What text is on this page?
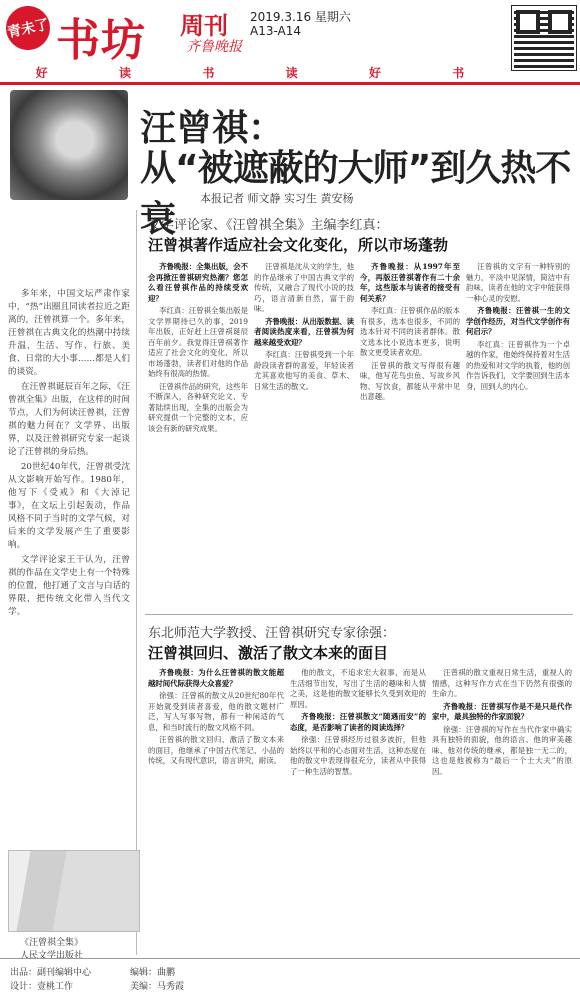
青未了 书坊 周刊
齐鲁晚报
2019.3.16 星期六
A13-A14
好	读	书	读	好	书
汪曾祺：
从“被遮蔽的大师”到久热不衰
本报记者 师文静 实习生 黄安杨
文学评论家、《汪曾祺全集》主编李红真：
汪曾祺著作适应社会文化变化，所以市场蓬勃

多年来，中国文坛严肃作家中，“热”出圈且同读者拉近之距离的，汪曾祺算一个。多年来，汪曾祺在古典文化的热潮中持续升温，生活、写作、行旅、美食、日常的大小事……都是人们的谈资。

在汪曾祺诞辰百年之际，《汪曾祺全集》出版，在这样的时间节点，人们为何读汪曾祺，汪曾祺的魅力何在？文学界、出版界，以及汪曾祺研究专家一起谈论了汪曾祺的身后热。

20世纪40年代，汪曾祺受沈从文影响开始写作。1980年，他写下《受戒》和《大淖记事》，在文坛上引起轰动，作品风格不同于当时的文学气候，对后来的文学发展产生了重要影响。

文学评论家王干认为，汪曾祺的作品在文学史上有一个特殊的位置，他打通了文言与白话的界限，把传统文化带入当代文学。

齐鲁晚报：全集出版，会不会再掀汪曾祺研究热潮？您怎么看汪曾祺作品的持续受欢迎？

李红真：汪曾祺全集出版是文学界期待已久的事，2019年出版，正好赶上汪曾祺诞辰百年前夕。我觉得汪曾祺著作适应了社会文化的变化，所以市场蓬勃，读者们对他的作品始终有很高的热情。

汪曾祺作品的研究，这些年不断深入，各种研究论文、专著陆续出现，全集的出版会为研究提供一个完整的文本，应该会有新的研究成果。

汪曾祺是沈从文的学生，他的作品继承了中国古典文学的传统，又融合了现代小说的技巧，语言清新自然，富于韵味。

齐鲁晚报：从出版数据、读者阅读热度来看，汪曾祺为何越来越受欢迎？

李红真：汪曾祺受到一个年龄段读者群的喜爱，年轻读者尤其喜欢他写的美食、草木、日常生活的散文。

齐鲁晚报：从1997年至今，再版汪曾祺著作有二十余年，这些版本与读者的接受有何关系？

李红真：汪曾祺作品的版本有很多，选本也很多，不同的选本针对不同的读者群体。散文选本比小说选本更多，说明散文更受读者欢迎。

汪曾祺的散文写得很有趣味，他写花鸟虫鱼、写故乡风物、写饮食，都能从平常中见出意趣。

汪曾祺的文字有一种特别的魅力，平淡中见深情，简洁中有韵味，读者在他的文字中能获得一种心灵的安慰。

齐鲁晚报：汪曾祺一生的文学创作经历，对当代文学创作有何启示？

李红真：汪曾祺作为一个卓越的作家，他始终保持着对生活的热爱和对文学的执着，他的创作告诉我们，文学要回到生活本身，回到人的内心。

东北师范大学教授、汪曾祺研究专家徐强：
汪曾祺回归、激活了散文本来的面目

齐鲁晚报：为什么汪曾祺的散文能超越时间代际获得大众喜爱？

徐强：汪曾祺的散文从20世纪80年代开始就受到读者喜爱，他的散文题材广泛，写人写事写物，都有一种闲适的气息，和当时流行的散文风格不同。

汪曾祺的散文回归、激活了散文本来的面目，他继承了中国古代笔记、小品的传统，又有现代意识，语言讲究，耐读。

他的散文，不追求宏大叙事，而是从生活细节出发，写出了生活的趣味和人情之美，这是他的散文能够长久受到欢迎的原因。

齐鲁晚报：汪曾祺散文“随遇而安”的态度，是否影响了读者的阅读选择？

徐强：汪曾祺经历过很多波折，但他始终以平和的心态面对生活，这种态度在他的散文中表现得很充分，读者从中获得了一种生活的智慧。

汪曾祺的散文重视日常生活，重视人的情感，这种写作方式在当下仍然有很强的生命力。

齐鲁晚报：汪曾祺写作是不是只是代作家中，最具独特的作家面貌？

徐强：汪曾祺的写作在当代作家中确实具有独特的面貌，他的语言、他的审美趣味、他对传统的继承，都是独一无二的，这也是他被称为“最后一个士大夫”的原因。

《汪曾祺全集》
人民文学出版社
出品：副刊编辑中心
设计：壹桃工作
编辑：曲鹏
美编：马秀霞
